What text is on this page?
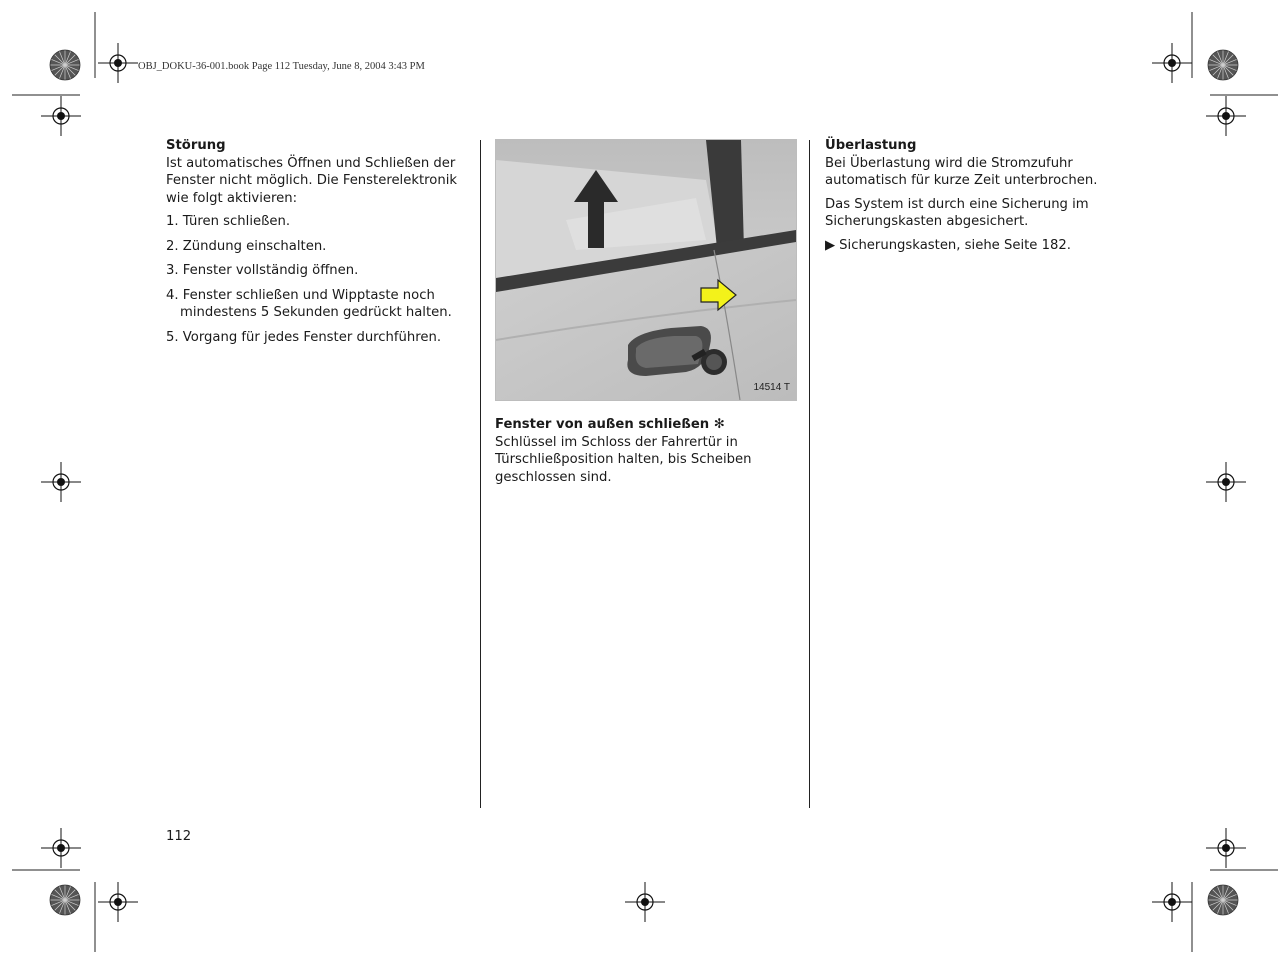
OBJ_DOKU-36-001.book Page 112 Tuesday, June 8, 2004 3:43 PM
Störung

Ist automatisches Öffnen und Schließen der Fenster nicht möglich. Die Fensterelektronik wie folgt aktivieren:

1. Türen schließen.
2. Zündung einschalten.
3. Fenster vollständig öffnen.
4. Fenster schließen und Wipptaste noch mindestens 5 Sekunden gedrückt halten.
5. Vorgang für jedes Fenster durchführen.
14514 T
Fenster von außen schließen ✻

Schlüssel im Schloss der Fahrertür in Türschließposition halten, bis Scheiben geschlossen sind.

Überlastung

Bei Überlastung wird die Stromzufuhr automatisch für kurze Zeit unterbrochen.

Das System ist durch eine Sicherung im Sicherungskasten abgesichert.

▶ Sicherungskasten, siehe Seite 182.
112
